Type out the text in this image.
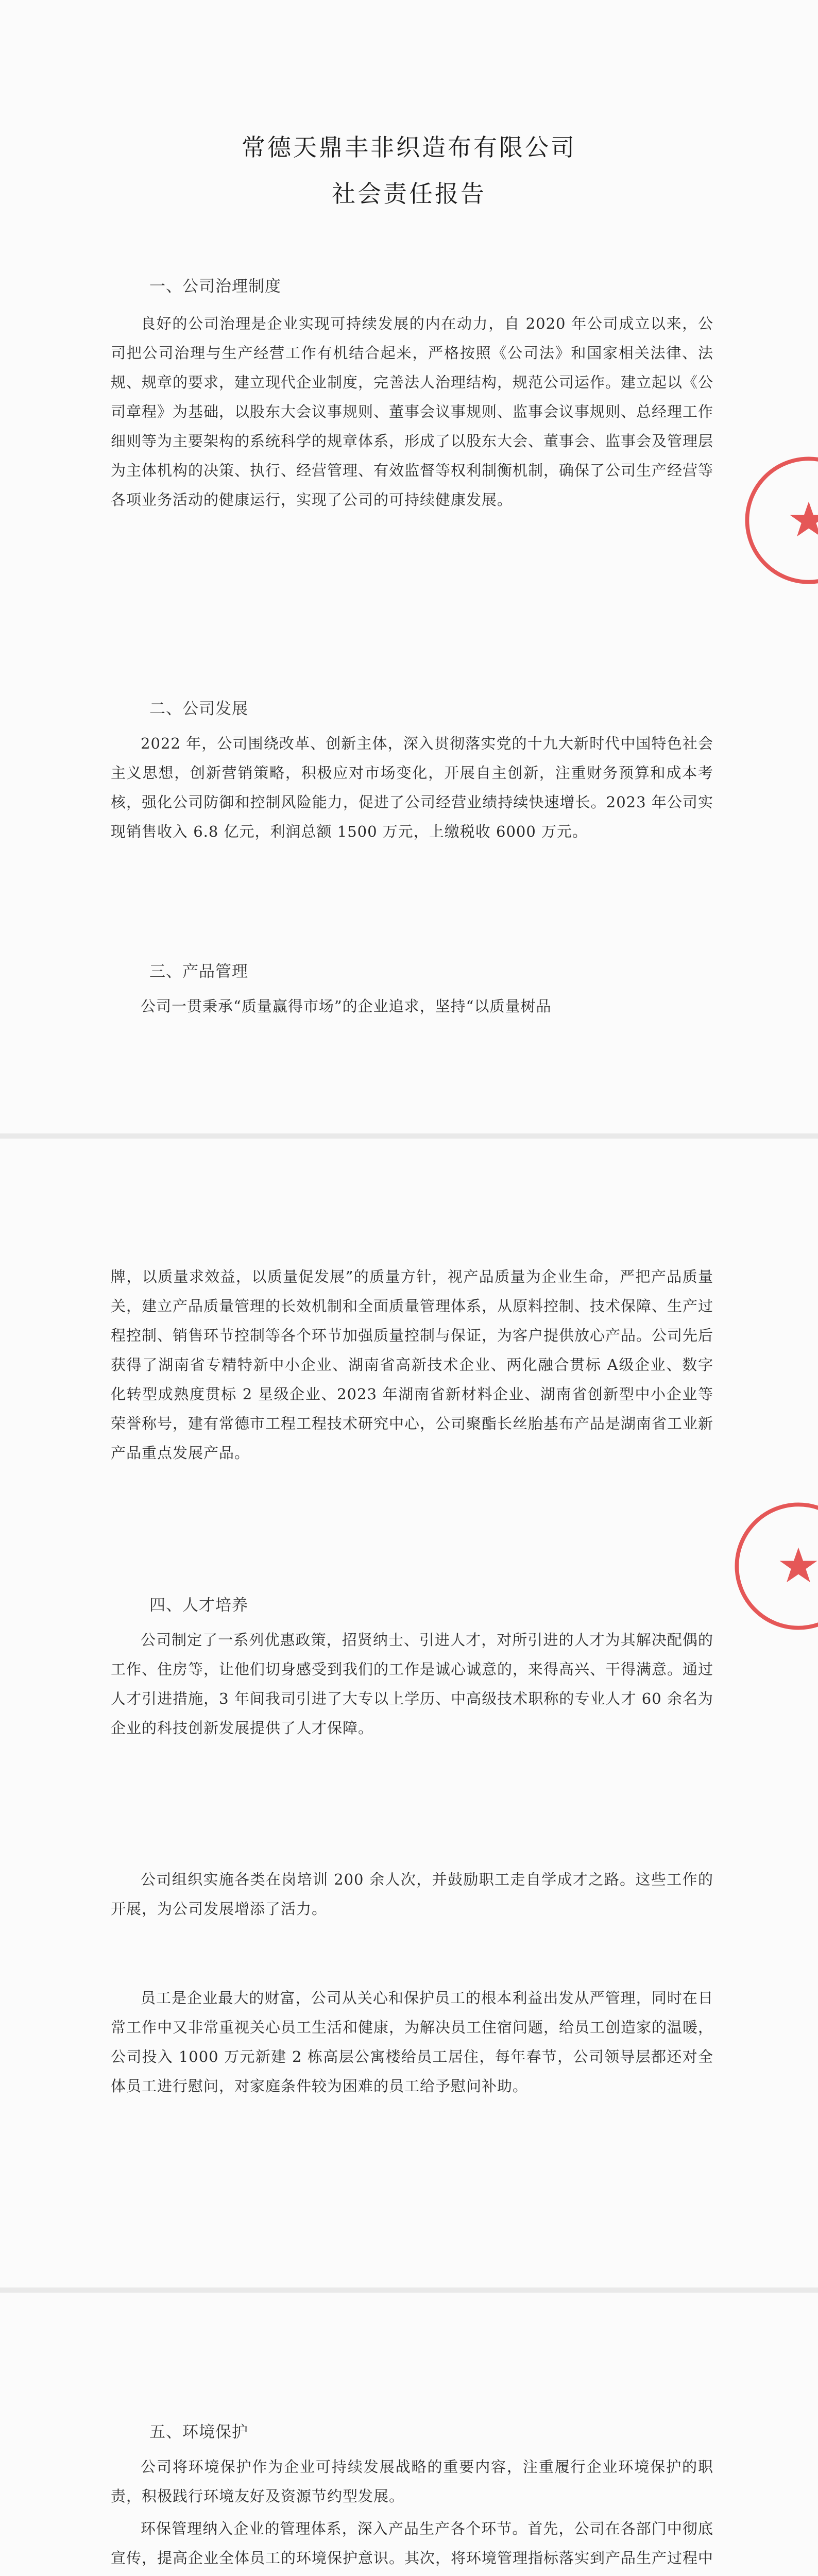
常德天鼎丰非织造布有限公司
社会责任报告
一、公司治理制度

良好的公司治理是企业实现可持续发展的内在动力，自 2020 年公司成立以来，公司把公司治理与生产经营工作有机结合起来，严格按照《公司法》和国家相关法律、法规、规章的要求，建立现代企业制度，完善法人治理结构，规范公司运作。建立起以《公司章程》为基础，以股东大会议事规则、董事会议事规则、监事会议事规则、总经理工作细则等为主要架构的系统科学的规章体系，形成了以股东大会、董事会、监事会及管理层为主体机构的决策、执行、经营管理、有效监督等权利制衡机制，确保了公司生产经营等各项业务活动的健康运行，实现了公司的可持续健康发展。

二、公司发展

2022 年，公司围绕改革、创新主体，深入贯彻落实党的十九大新时代中国特色社会主义思想，创新营销策略，积极应对市场变化，开展自主创新，注重财务预算和成本考核，强化公司防御和控制风险能力，促进了公司经营业绩持续快速增长。2023 年公司实现销售收入 6.8 亿元，利润总额 1500 万元，上缴税收 6000 万元。

三、产品管理

公司一贯秉承“质量赢得市场”的企业追求，坚持“以质量树品

牌，以质量求效益，以质量促发展”的质量方针，视产品质量为企业生命，严把产品质量关，建立产品质量管理的长效机制和全面质量管理体系，从原料控制、技术保障、生产过程控制、销售环节控制等各个环节加强质量控制与保证，为客户提供放心产品。公司先后获得了湖南省专精特新中小企业、湖南省高新技术企业、两化融合贯标 A级企业、数字化转型成熟度贯标 2 星级企业、2023 年湖南省新材料企业、湖南省创新型中小企业等荣誉称号，建有常德市工程工程技术研究中心，公司聚酯长丝胎基布产品是湖南省工业新产品重点发展产品。

四、人才培养

公司制定了一系列优惠政策，招贤纳士、引进人才，对所引进的人才为其解决配偶的工作、住房等，让他们切身感受到我们的工作是诚心诚意的，来得高兴、干得满意。通过人才引进措施，3 年间我司引进了大专以上学历、中高级技术职称的专业人才 60 余名为企业的科技创新发展提供了人才保障。

公司组织实施各类在岗培训 200 余人次，并鼓励职工走自学成才之路。这些工作的开展，为公司发展增添了活力。

员工是企业最大的财富，公司从关心和保护员工的根本利益出发从严管理，同时在日常工作中又非常重视关心员工生活和健康，为解决员工住宿问题，给员工创造家的温暖，公司投入 1000 万元新建 2 栋高层公寓楼给员工居住，每年春节，公司领导层都还对全体员工进行慰问，对家庭条件较为困难的员工给予慰问补助。

五、环境保护

公司将环境保护作为企业可持续发展战略的重要内容，注重履行企业环境保护的职责，积极践行环境友好及资源节约型发展。

环保管理纳入企业的管理体系，深入产品生产各个环节。首先，公司在各部门中彻底宣传，提高企业全体员工的环境保护意识。其次，将环境管理指标落实到产品生产过程中
